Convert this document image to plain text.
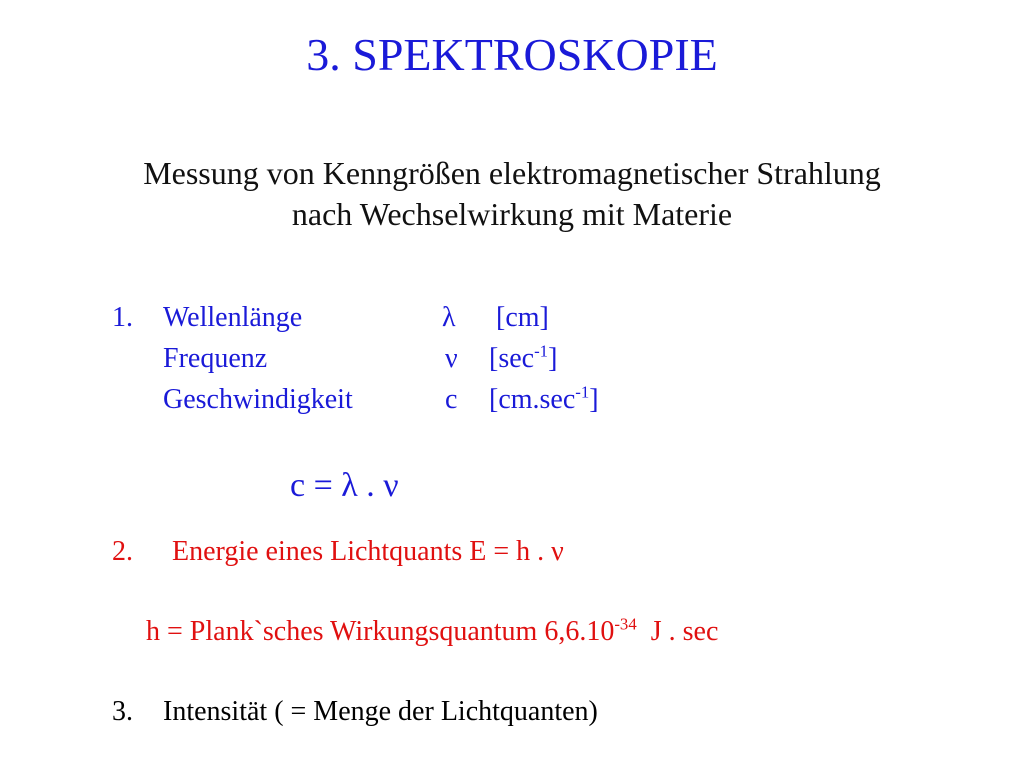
3. SPEKTROSKOPIE
Messung von Kenngrößen elektromagnetischer Strahlung
nach Wechselwirkung mit Materie
1. Wellenlänge	λ [cm]
Frequenz	ν $[\sec^{-1}]$
Geschwindigkeit	c $[cm.\sec^{-1}]$
c = λ . ν
2. Energie eines Lichtquants E = h . ν
h = Plank`sches Wirkungsquantum $6,6.10^{-34}$  J . sec
3. Intensität ( = Menge der Lichtquanten)
